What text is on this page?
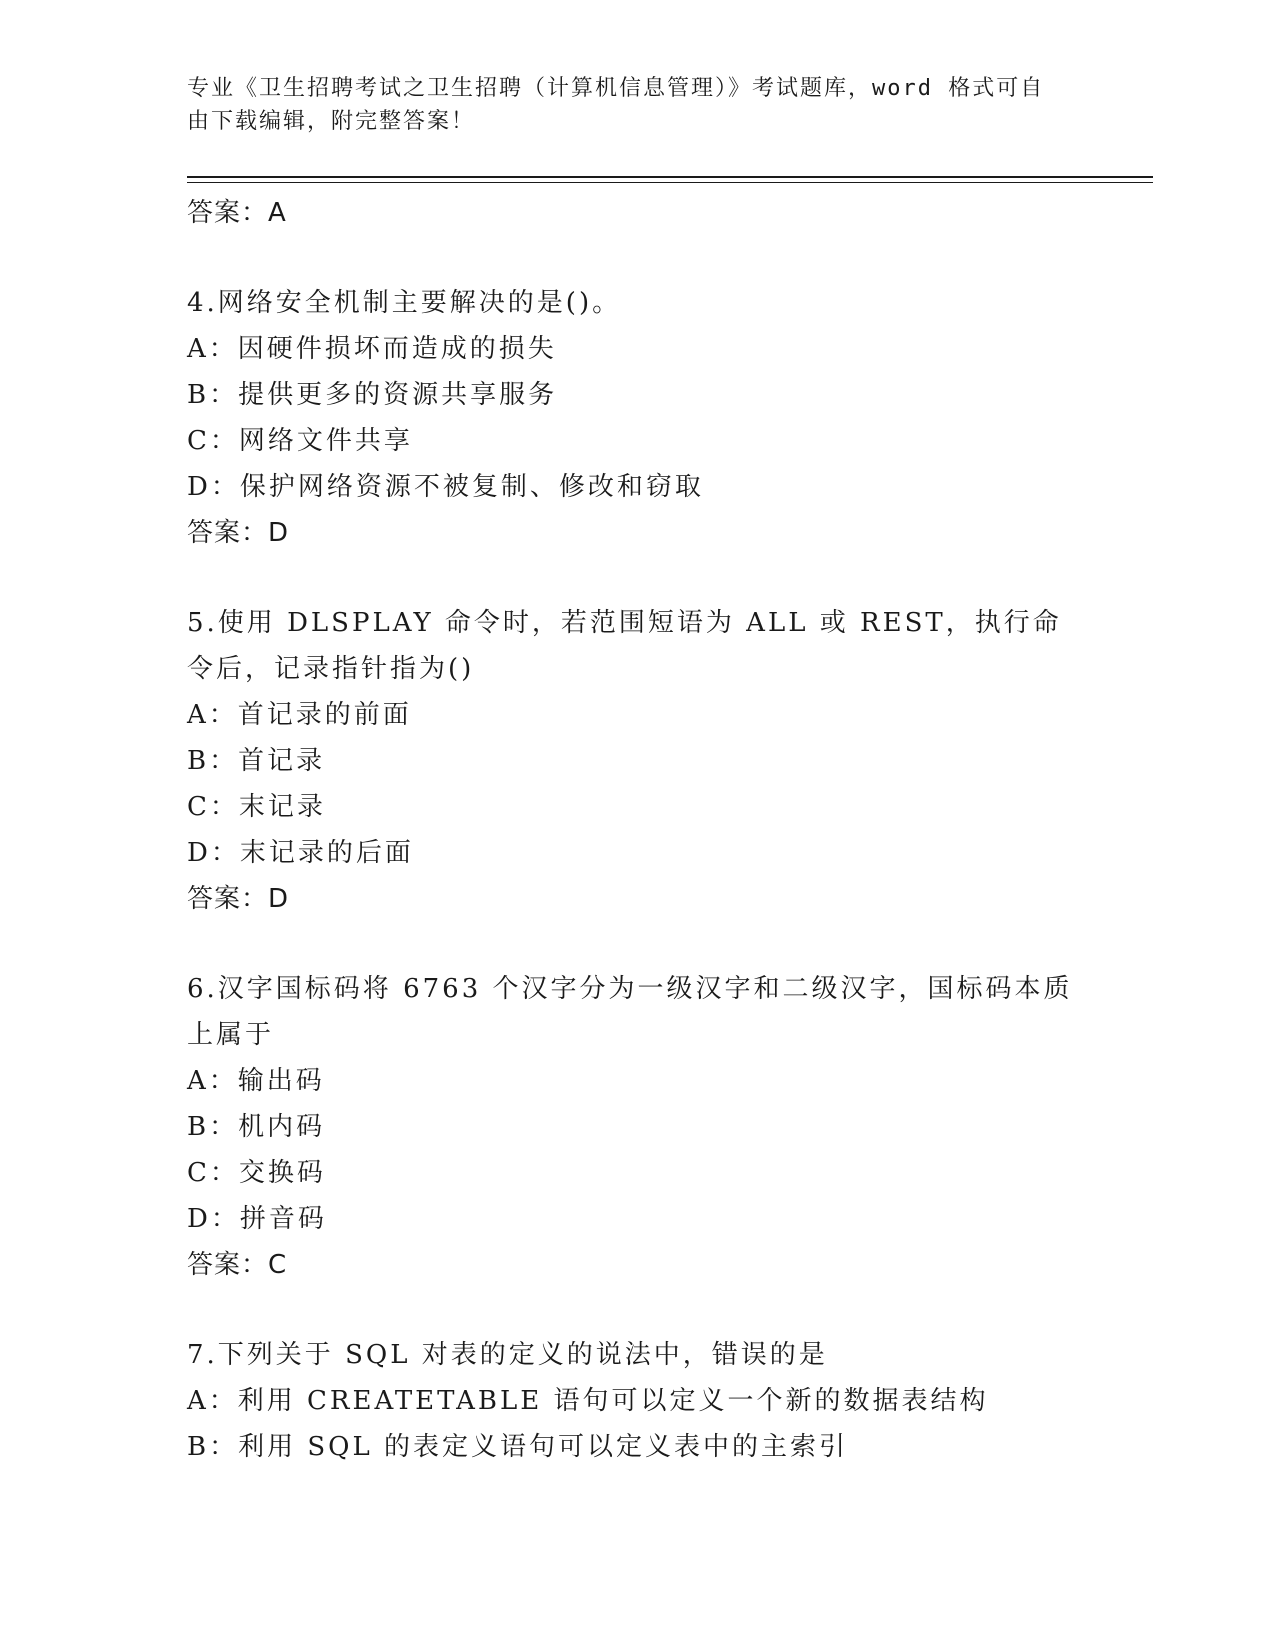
专业《卫生招聘考试之卫生招聘（计算机信息管理）》考试题库，word 格式可自由下载编辑，附完整答案！
答案：A
4.网络安全机制主要解决的是()。
A：因硬件损坏而造成的损失
B：提供更多的资源共享服务
C：网络文件共享
D：保护网络资源不被复制、修改和窃取
答案：D
5.使用 DLSPLAY 命令时，若范围短语为 ALL 或 REST，执行命令后，记录指针指为()
A：首记录的前面
B：首记录
C：末记录
D：末记录的后面
答案：D
6.汉字国标码将 6763 个汉字分为一级汉字和二级汉字，国标码本质上属于
A：输出码
B：机内码
C：交换码
D：拼音码
答案：C
7.下列关于 SQL 对表的定义的说法中，错误的是
A：利用 CREATETABLE 语句可以定义一个新的数据表结构
B：利用 SQL 的表定义语句可以定义表中的主索引
